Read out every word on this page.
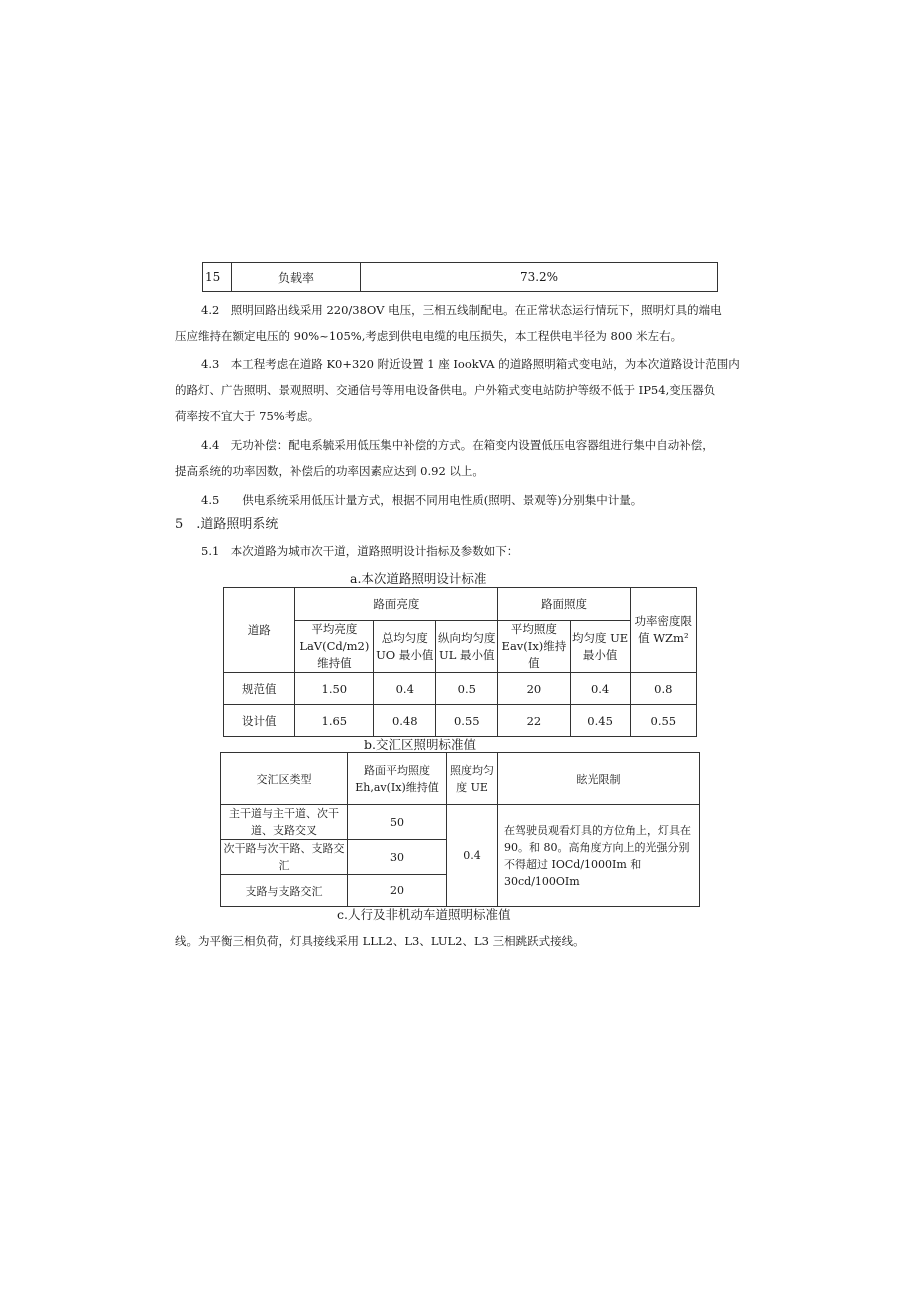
15	负载率	73.2%
4.2　照明回路出线采用 220/38OV 电压，三相五线制配电。在正常状态运行情玩下，照明灯具的端电
压应维持在额定电压的 90%~105%,考虑到供电电缆的电压损失，本工程供电半径为 800 米左右。
4.3　本工程考虑在道路 K0+320 附近设置 1 座 IookVA 的道路照明箱式变电站，为本次道路设计范围内
的路灯、广告照明、景观照明、交通信号等用电设备供电。户外箱式变电站防护等级不低于 IP54,变压器负
荷率按不宜大于 75%考虑。
4.4　无功补偿：配电系毓采用低压集中补偿的方式。在箱变内设置低压电容器组进行集中自动补偿，
提高系统的功率因数，补偿后的功率因素应达到 0.92 以上。
4.5　　供电系统采用低压计量方式，根据不同用电性质(照明、景观等)分别集中计量。
5　.道路照明系统
5.1　本次道路为城市次干道，道路照明设计指标及参数如下：
a.本次道路照明设计标准
道路	路面亮度			路面照度		功率密度限值 WZm²
	平均亮度 LaV(Cd/m2)维持值	总均匀度 UO 最小值	纵向均匀度 UL 最小值	平均照度 Eav(Ix)维持值	均匀度 UE 最小值	
规范值	1.50	0.4	0.5	20	0.4	0.8
设计值	1.65	0.48	0.55	22	0.45	0.55
b.交汇区照明标准值
交汇区类型	路面平均照度 Eh,av(Ix)维持值	照度均匀度 UE	眩光限制
主干道与主干道、次干道、支路交叉	50	0.4	在驾驶员观看灯具的方位角上，灯具在 90。和 80。高角度方向上的光强分别不得超过 IOCd/1000Im 和 30cd/100OIm
次干路与次干路、支路交汇	30		
支路与支路交汇	20		
c.人行及非机动车道照明标准值
线。为平衡三相负荷，灯具接线采用 LLL2、L3、LUL2、L3 三相跳跃式接线。
